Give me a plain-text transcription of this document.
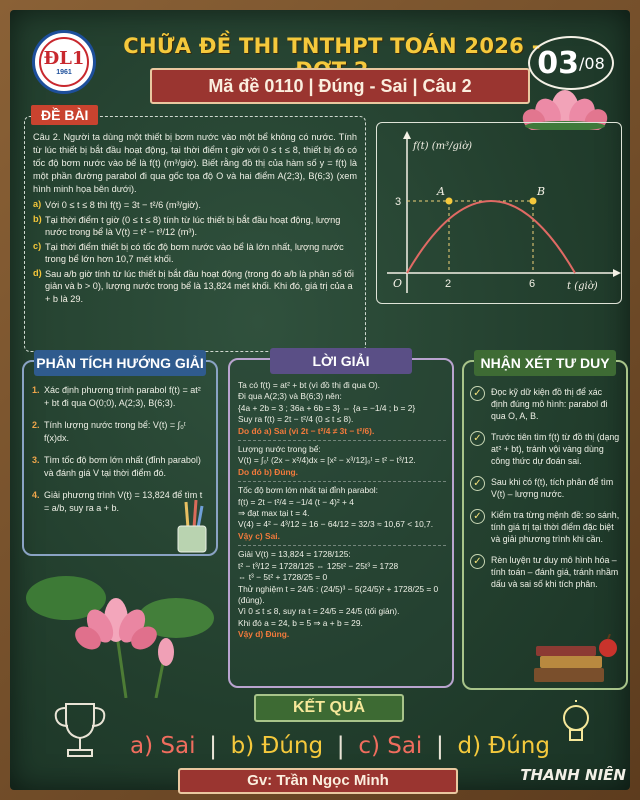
ĐL1
1961
CHỮA ĐỀ THI TNTHPT TOÁN 2026 -
Mã đề 0110 | Đúng - Sai | Câu 2
03 / 08
ĐỀ BÀI

Câu 2. Người ta dùng một thiết bị bơm nước vào một bể không có nước. Tính từ lúc thiết bị bắt đầu hoạt động, tại thời điểm t giờ với 0 ≤ t ≤ 8, thiết bị đó có tốc độ bơm nước vào bể là f(t) (m³/giờ). Biết rằng đồ thị của hàm số y = f(t) là một phần đường parabol đi qua gốc tọa độ O và hai điểm A(2;3), B(6;3) (xem hình minh họa bên dưới).

a) Với 0 ≤ t ≤ 8 thì f(t) = 3t − t²/6 (m³/giờ).
b) Tại thời điểm t giờ (0 ≤ t ≤ 8) tính từ lúc thiết bị bắt đầu hoạt động, lượng nước trong bể là V(t) = t² − t³/12 (m³).
c) Tại thời điểm thiết bị có tốc độ bơm nước vào bể là lớn nhất, lượng nước trong bể lớn hơn 10,7 mét khối.
d) Sau a/b giờ tính từ lúc thiết bị bắt đầu hoạt động (trong đó a/b là phân số tối giản và b > 0), lượng nước trong bể là 13,824 mét khối. Khi đó, giá trị của a + b là 29.
f(t) (m³/giờ)
t (giờ)
O
A	B
3
2	6
PHÂN TÍCH HƯỚNG GIẢI
1. Xác định phương trình parabol f(t) = at² + bt đi qua O(0;0), A(2;3), B(6;3).
2. Tính lượng nước trong bể: V(t) = ∫₀ᵗ f(x)dx.
3. Tìm tốc độ bơm lớn nhất (đỉnh parabol) và đánh giá V tại thời điểm đó.
4. Giải phương trình V(t) = 13,824 để tìm t = a/b, suy ra a + b.
LỜI GIẢI
Ta có f(t) = at² + bt (vì đồ thị đi qua O).
Đi qua A(2;3) và B(6;3) nên:
{4a + 2b = 3 ; 36a + 6b = 3} ⇔ {a = −1/4 ; b = 2}
Suy ra f(t) = 2t − t²/4 (0 ≤ t ≤ 8).
Do đó a) Sai (vì 2t − t²/4 ≠ 3t − t²/6).
Lượng nước trong bể:
V(t) = ∫₀ᵗ (2x − x²/4)dx = [x² − x³/12]₀ᵗ = t² − t³/12.
Do đó b) Đúng.
Tốc độ bơm lớn nhất tại đỉnh parabol:
f(t) = 2t − t²/4 = −1/4 (t − 4)² + 4
⇒ đạt max tại t = 4.
V(4) = 4² − 4³/12 = 16 − 64/12 = 32/3 ≈ 10,67 < 10,7.
Vậy c) Sai.
Giải V(t) = 13,824 = 1728/125:
t² − t³/12 = 1728/125 ⇔ 125t² − 25t³ = 1728
⇔ t³ − 5t² + 1728/25 = 0
Thử nghiệm t = 24/5 : (24/5)³ − 5(24/5)² + 1728/25 = 0 (đúng).
Vì 0 ≤ t ≤ 8, suy ra t = 24/5 = 24/5 (tối giản).
Khi đó a = 24, b = 5 ⇒ a + b = 29.
Vậy d) Đúng.
NHẬN XÉT TƯ DUY
✓	Đọc kỹ dữ kiện đồ thị để xác định đúng mô hình: parabol đi qua O, A, B.
✓	Trước tiên tìm f(t) từ đồ thị (dạng at² + bt), tránh vội vàng dùng công thức dự đoán sai.
✓	Sau khi có f(t), tích phân để tìm V(t) – lượng nước.
✓	Kiểm tra từng mệnh đề: so sánh, tính giá trị tại thời điểm đặc biệt và giải phương trình khi cần.
✓	Rèn luyện tư duy mô hình hóa – tính toán – đánh giá, tránh nhầm dấu và sai số khi tích phân.
KẾT QUẢ
a) Sai | b) Đúng | c) Sai | d) Đúng
Gv: Trần Ngọc Minh	THANH NIÊN
